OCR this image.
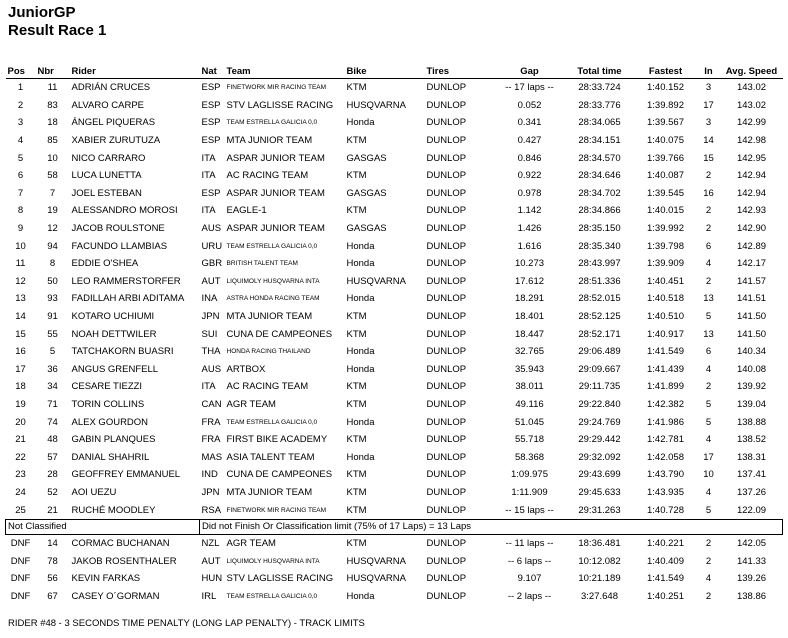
JuniorGP
Result Race 1
Pos	Nbr	Rider	Nat	Team	Bike	Tires	Gap	Total time	Fastest	In	Avg. Speed
1	11	ADRIÁN CRUCES	ESP	FINETWORK MIR RACING TEAM	KTM	DUNLOP	-- 17 laps --	28:33.724	1:40.152	3	143.02
2	83	ALVARO CARPE	ESP	STV LAGLISSE RACING	HUSQVARNA	DUNLOP	0.052	28:33.776	1:39.892	17	143.02
3	18	ÁNGEL PIQUERAS	ESP	TEAM ESTRELLA GALICIA 0,0	Honda	DUNLOP	0.341	28:34.065	1:39.567	3	142.99
4	85	XABIER ZURUTUZA	ESP	MTA JUNIOR TEAM	KTM	DUNLOP	0.427	28:34.151	1:40.075	14	142.98
5	10	NICO CARRARO	ITA	ASPAR JUNIOR TEAM	GASGAS	DUNLOP	0.846	28:34.570	1:39.766	15	142.95
6	58	LUCA LUNETTA	ITA	AC RACING TEAM	KTM	DUNLOP	0.922	28:34.646	1:40.087	2	142.94
7	7	JOEL ESTEBAN	ESP	ASPAR JUNIOR TEAM	GASGAS	DUNLOP	0.978	28:34.702	1:39.545	16	142.94
8	19	ALESSANDRO MOROSI	ITA	EAGLE-1	KTM	DUNLOP	1.142	28:34.866	1:40.015	2	142.93
9	12	JACOB ROULSTONE	AUS	ASPAR JUNIOR TEAM	GASGAS	DUNLOP	1.426	28:35.150	1:39.992	2	142.90
10	94	FACUNDO LLAMBIAS	URU	TEAM ESTRELLA GALICIA 0,0	Honda	DUNLOP	1.616	28:35.340	1:39.798	6	142.89
11	8	EDDIE O'SHEA	GBR	BRITISH TALENT TEAM	Honda	DUNLOP	10.273	28:43.997	1:39.909	4	142.17
12	50	LEO RAMMERSTORFER	AUT	LIQUIMOLY HUSQVARNA INTA	HUSQVARNA	DUNLOP	17.612	28:51.336	1:40.451	2	141.57
13	93	FADILLAH ARBI ADITAMA	INA	ASTRA HONDA RACING TEAM	Honda	DUNLOP	18.291	28:52.015	1:40.518	13	141.51
14	91	KOTARO UCHIUMI	JPN	MTA JUNIOR TEAM	KTM	DUNLOP	18.401	28:52.125	1:40.510	5	141.50
15	55	NOAH DETTWILER	SUI	CUNA DE CAMPEONES	KTM	DUNLOP	18.447	28:52.171	1:40.917	13	141.50
16	5	TATCHAKORN BUASRI	THA	HONDA RACING THAILAND	Honda	DUNLOP	32.765	29:06.489	1:41.549	6	140.34
17	36	ANGUS GRENFELL	AUS	ARTBOX	Honda	DUNLOP	35.943	29:09.667	1:41.439	4	140.08
18	34	CESARE TIEZZI	ITA	AC RACING TEAM	KTM	DUNLOP	38.011	29:11.735	1:41.899	2	139.92
19	71	TORIN COLLINS	CAN	AGR TEAM	KTM	DUNLOP	49.116	29:22.840	1:42.382	5	139.04
20	74	ALEX GOURDON	FRA	TEAM ESTRELLA GALICIA 0,0	Honda	DUNLOP	51.045	29:24.769	1:41.986	5	138.88
21	48	GABIN PLANQUES	FRA	FIRST BIKE ACADEMY	KTM	DUNLOP	55.718	29:29.442	1:42.781	4	138.52
22	57	DANIAL SHAHRIL	MAS	ASIA TALENT TEAM	Honda	DUNLOP	58.368	29:32.092	1:42.058	17	138.31
23	28	GEOFFREY EMMANUEL	IND	CUNA DE CAMPEONES	KTM	DUNLOP	1:09.975	29:43.699	1:43.790	10	137.41
24	52	AOI UEZU	JPN	MTA JUNIOR TEAM	KTM	DUNLOP	1:11.909	29:45.633	1:43.935	4	137.26
25	21	RUCHÉ MOODLEY	RSA	FINETWORK MIR RACING TEAM	KTM	DUNLOP	-- 15 laps --	29:31.263	1:40.728	5	122.09
Not Classified			Did not Finish Or Classification limit (75% of 17 Laps) = 13 Laps								
DNF	14	CORMAC BUCHANAN	NZL	AGR TEAM	KTM	DUNLOP	-- 11 laps --	18:36.481	1:40.221	2	142.05
DNF	78	JAKOB ROSENTHALER	AUT	LIQUIMOLY HUSQVARNA INTA	HUSQVARNA	DUNLOP	-- 6 laps --	10:12.082	1:40.409	2	141.33
DNF	56	KEVIN FARKAS	HUN	STV LAGLISSE RACING	HUSQVARNA	DUNLOP	9.107	10:21.189	1:41.549	4	139.26
DNF	67	CASEY O´GORMAN	IRL	TEAM ESTRELLA GALICIA 0,0	Honda	DUNLOP	-- 2 laps --	3:27.648	1:40.251	2	138.86
RIDER #48 - 3 SECONDS TIME PENALTY (LONG LAP PENALTY) - TRACK LIMITS
